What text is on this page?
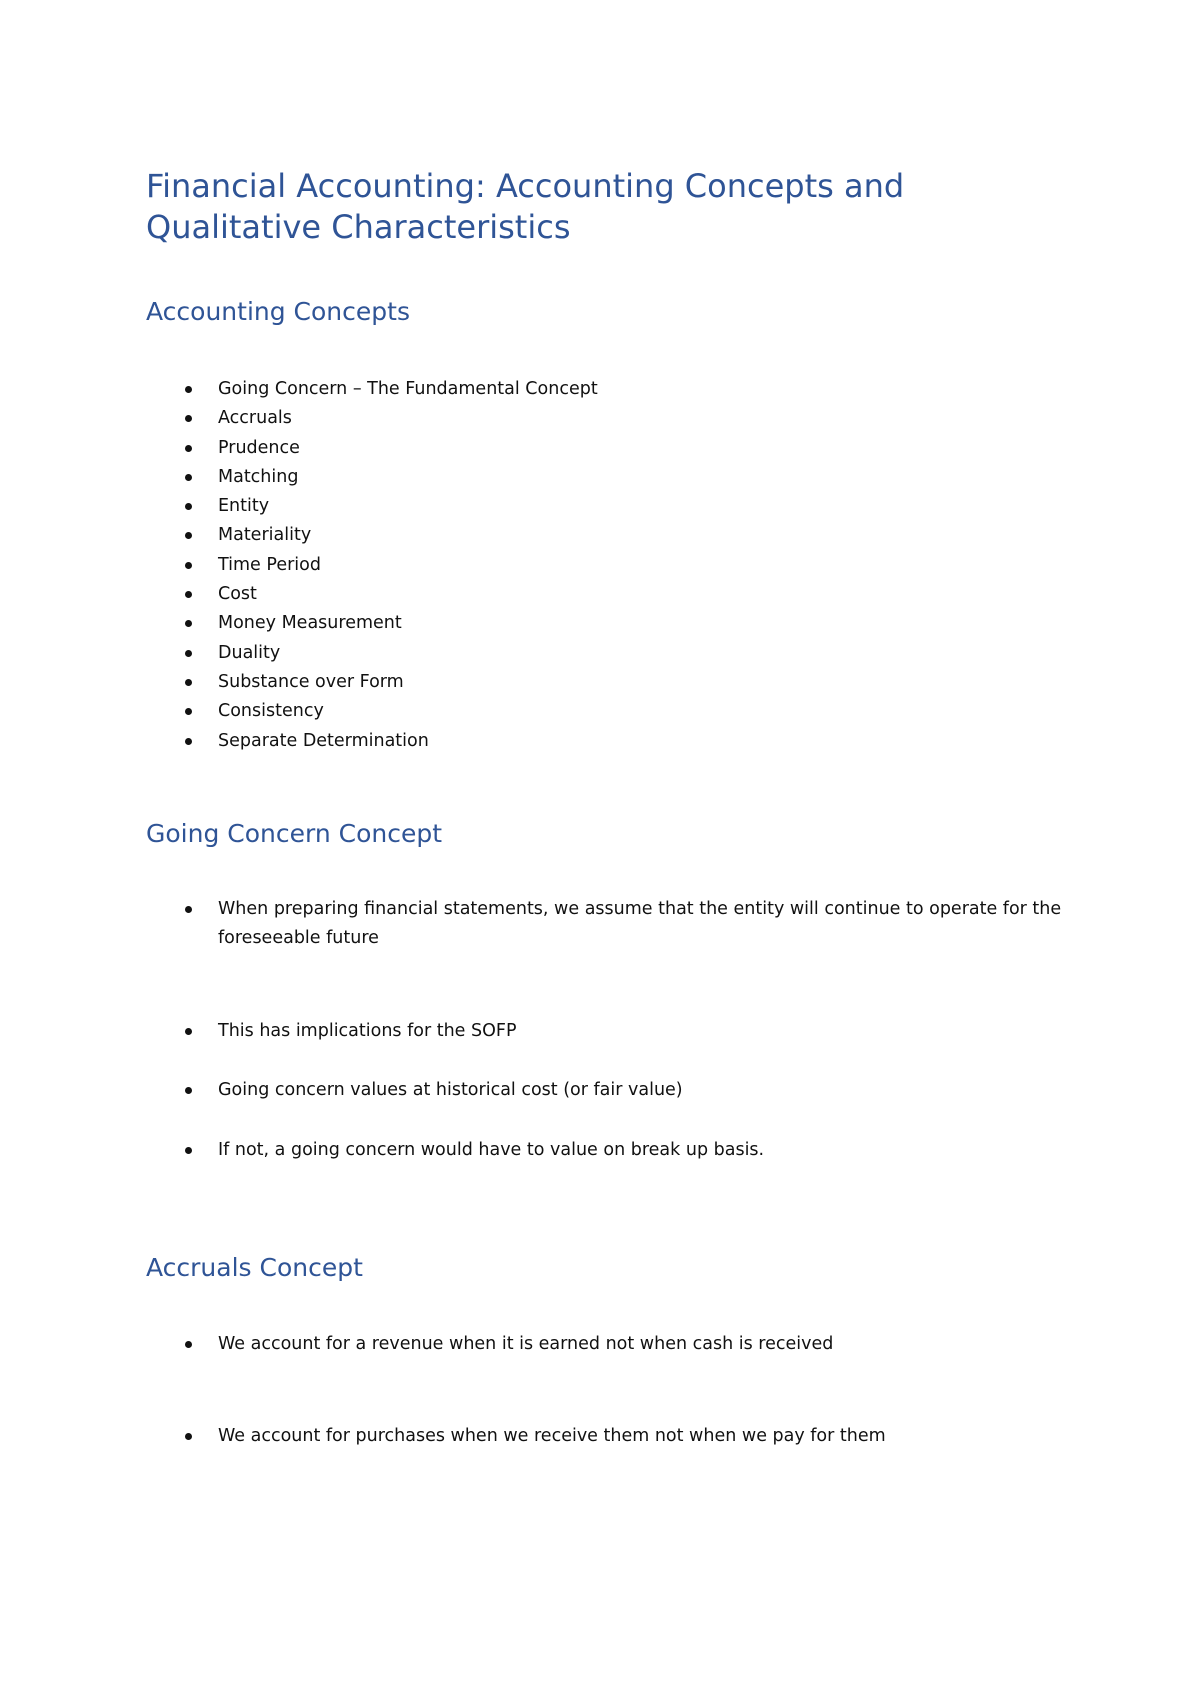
Financial Accounting: Accounting Concepts and Qualitative Characteristics
Accounting Concepts
Going Concern – The Fundamental Concept
Accruals
Prudence
Matching
Entity
Materiality
Time Period
Cost
Money Measurement
Duality
Substance over Form
Consistency
Separate Determination
Going Concern Concept
When preparing financial statements, we assume that the entity will continue to operate for the foreseeable future
This has implications for the SOFP
Going concern values at historical cost (or fair value)
If not, a going concern would have to value on break up basis.
Accruals Concept
We account for a revenue when it is earned not when cash is received
We account for purchases when we receive them not when we pay for them
